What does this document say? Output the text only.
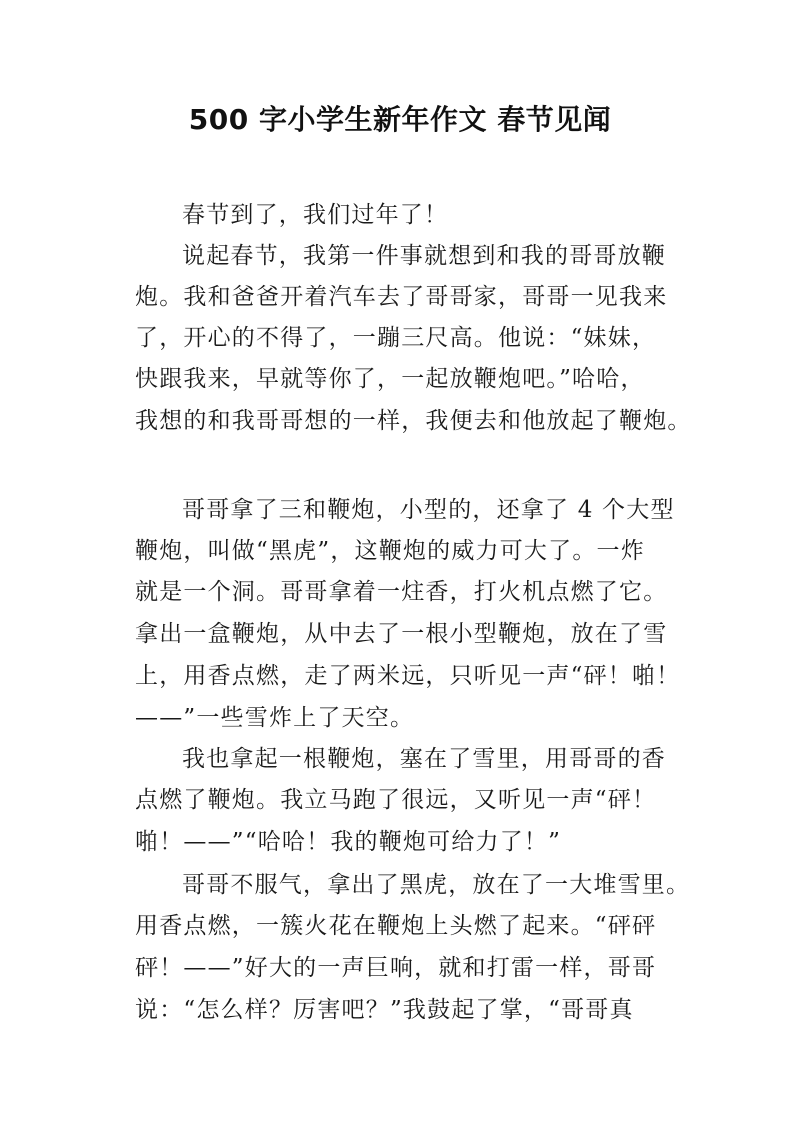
500 字小学生新年作文 春节见闻
春节到了，我们过年了！
说起春节，我第一件事就想到和我的哥哥放鞭
炮。我和爸爸开着汽车去了哥哥家，哥哥一见我来
了，开心的不得了，一蹦三尺高。他说：“妹妹，
快跟我来，早就等你了，一起放鞭炮吧。”哈哈，
我想的和我哥哥想的一样，我便去和他放起了鞭炮。
哥哥拿了三和鞭炮，小型的，还拿了 4 个大型
鞭炮，叫做“黑虎”，这鞭炮的威力可大了。一炸
就是一个洞。哥哥拿着一炷香，打火机点燃了它。
拿出一盒鞭炮，从中去了一根小型鞭炮，放在了雪
上，用香点燃，走了两米远，只听见一声“砰！啪！
——”一些雪炸上了天空。
我也拿起一根鞭炮，塞在了雪里，用哥哥的香
点燃了鞭炮。我立马跑了很远，又听见一声“砰！
啪！——”“哈哈！我的鞭炮可给力了！”
哥哥不服气，拿出了黑虎，放在了一大堆雪里。
用香点燃，一簇火花在鞭炮上头燃了起来。“砰砰
砰！——”好大的一声巨响，就和打雷一样，哥哥
说：“怎么样？厉害吧？”我鼓起了掌，“哥哥真
